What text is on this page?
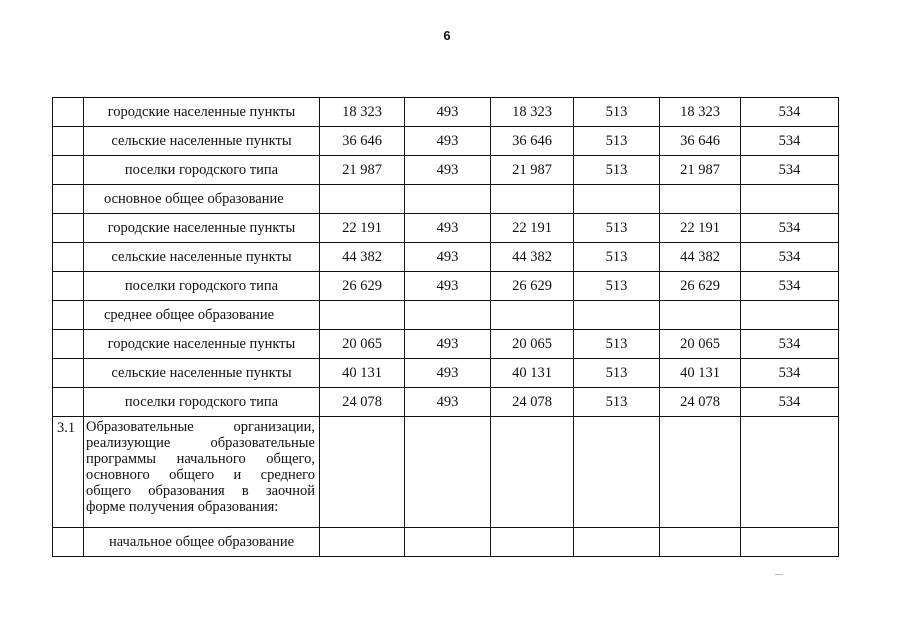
6
	городские населенные пункты	18 323	493	18 323	513	18 323	534
	сельские населенные пункты	36 646	493	36 646	513	36 646	534
	поселки городского типа	21 987	493	21 987	513	21 987	534
	основное общее образование						
	городские населенные пункты	22 191	493	22 191	513	22 191	534
	сельские населенные пункты	44 382	493	44 382	513	44 382	534
	поселки городского типа	26 629	493	26 629	513	26 629	534
	среднее общее образование						
	городские населенные пункты	20 065	493	20 065	513	20 065	534
	сельские населенные пункты	40 131	493	40 131	513	40 131	534
	поселки городского типа	24 078	493	24 078	513	24 078	534
3.1	Образовательные организации, реализующие образовательные программы начального общего, основного общего и среднего общего образования в заочной форме получения образования:						
	начальное общее образование						
